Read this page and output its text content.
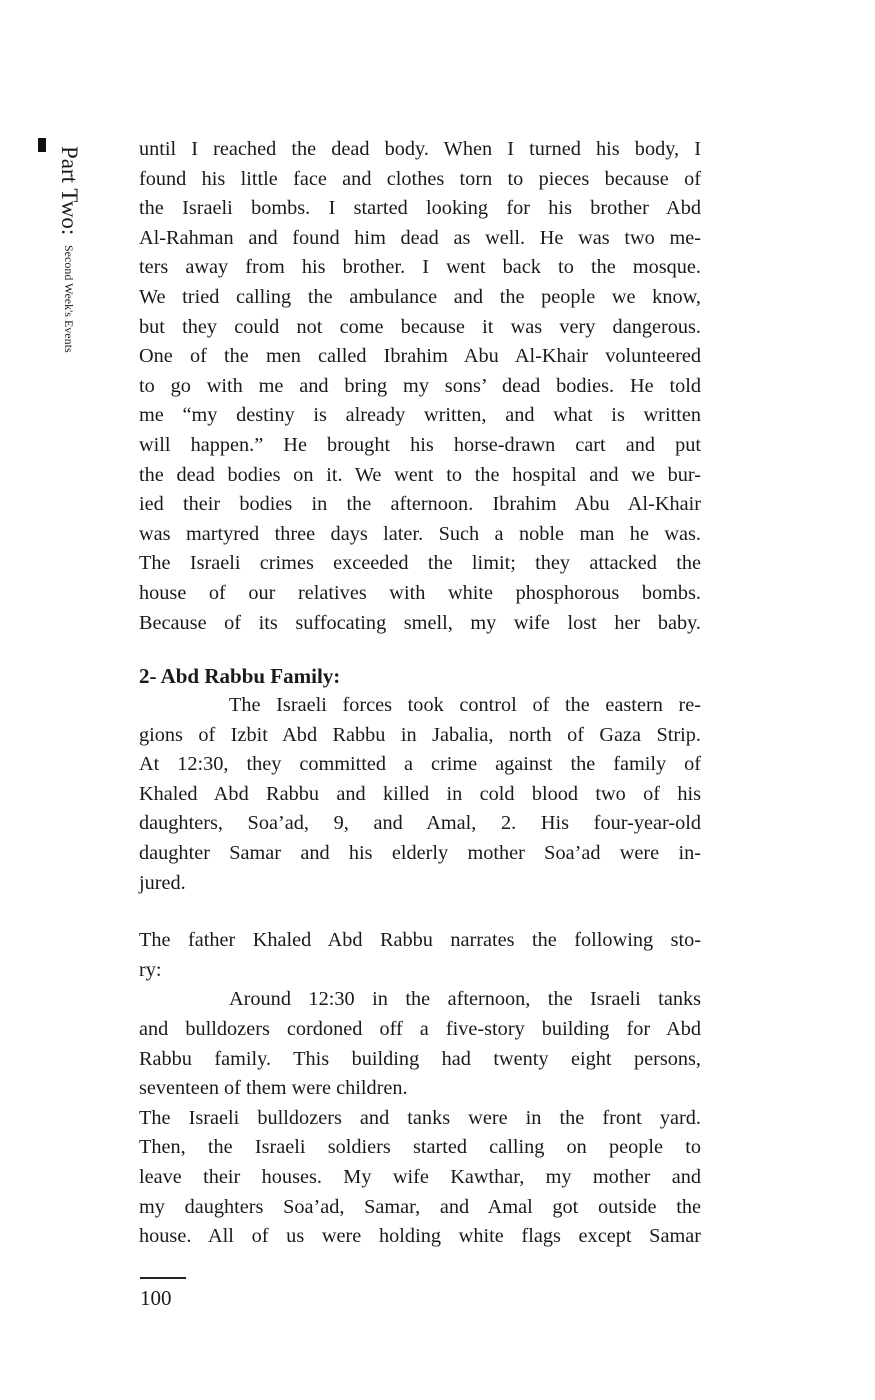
Part Two: Second Week's Events

until I reached the dead body. When I turned his body, I
found his little face and clothes torn to pieces because of
the Israeli bombs. I started looking for his brother Abd
Al-Rahman and found him dead as well. He was two me-
ters away from his brother. I went back to the mosque.
We tried calling the ambulance and the people we know,
but they could not come because it was very dangerous.
One of the men called Ibrahim Abu Al-Khair volunteered
to go with me and bring my sons’ dead bodies. He told
me “my destiny is already written, and what is written
will happen.” He brought his horse-drawn cart and put
the dead bodies on it. We went to the hospital and we bur-
ied their bodies in the afternoon. Ibrahim Abu Al-Khair
was martyred three days later. Such a noble man he was.
The Israeli crimes exceeded the limit; they attacked the
house of our relatives with white phosphorous bombs.
Because of its suffocating smell, my wife lost her baby.

2- Abd Rabbu Family:

The Israeli forces took control of the eastern re-
gions of Izbit Abd Rabbu in Jabalia, north of Gaza Strip.
At 12:30, they committed a crime against the family of
Khaled Abd Rabbu and killed in cold blood two of his
daughters, Soa’ad, 9, and Amal, 2. His four-year-old
daughter Samar and his elderly mother Soa’ad were in-
jured.

The father Khaled Abd Rabbu narrates the following sto-
ry:

Around 12:30 in the afternoon, the Israeli tanks
and bulldozers cordoned off a five-story building for Abd
Rabbu family. This building had twenty eight persons,
seventeen of them were children.

The Israeli bulldozers and tanks were in the front yard.
Then, the Israeli soldiers started calling on people to
leave their houses. My wife Kawthar, my mother and
my daughters Soa’ad, Samar, and Amal got outside the
house. All of us were holding white flags except Samar

100
